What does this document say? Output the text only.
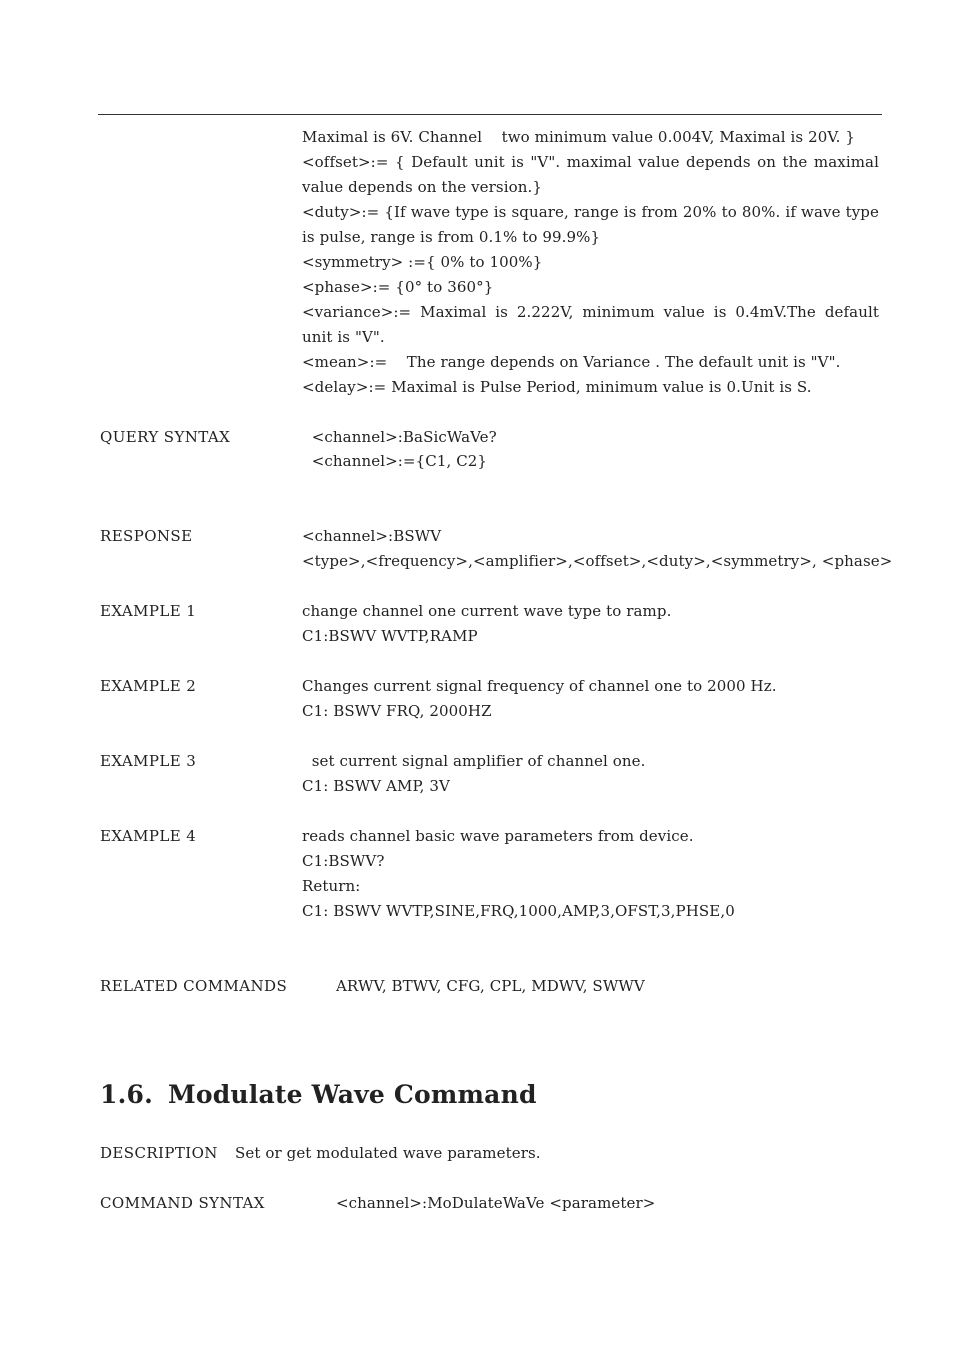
Maximal is 6V. Channel    two minimum value 0.004V, Maximal is 20V. }
<offset>:= { Default unit is "V". maximal value depends on the maximal
value depends on the version.}
<duty>:= {If wave type is square, range is from 20% to 80%. if wave type
is pulse, range is from 0.1% to 99.9%}
<symmetry> :={ 0% to 100%}
<phase>:= {0° to 360°}
<variance>:= Maximal is 2.222V, minimum value is 0.4mV.The default
unit is "V".
<mean>:=    The range depends on Variance . The default unit is "V".
<delay>:= Maximal is Pulse Period, minimum value is 0.Unit is S.
QUERY SYNTAX	<channel>:BaSicWaVe?
<channel>:={C1, C2}
RESPONSE	<channel>:BSWV
<type>,<frequency>,<amplifier>,<offset>,<duty>,<symmetry>, <phase>
EXAMPLE 1	change channel one current wave type to ramp.
C1:BSWV WVTP,RAMP
EXAMPLE 2	Changes current signal frequency of channel one to 2000 Hz.
C1: BSWV FRQ, 2000HZ
EXAMPLE 3	set current signal amplifier of channel one.
C1: BSWV AMP, 3V
EXAMPLE 4	reads channel basic wave parameters from device.
C1:BSWV?
Return:
C1: BSWV WVTP,SINE,FRQ,1000,AMP,3,OFST,3,PHSE,0
RELATED COMMANDS	ARWV, BTWV, CFG, CPL, MDWV, SWWV
1.6. Modulate Wave Command
DESCRIPTION Set or get modulated wave parameters.
COMMAND SYNTAX	<channel>:MoDulateWaVe <parameter>
